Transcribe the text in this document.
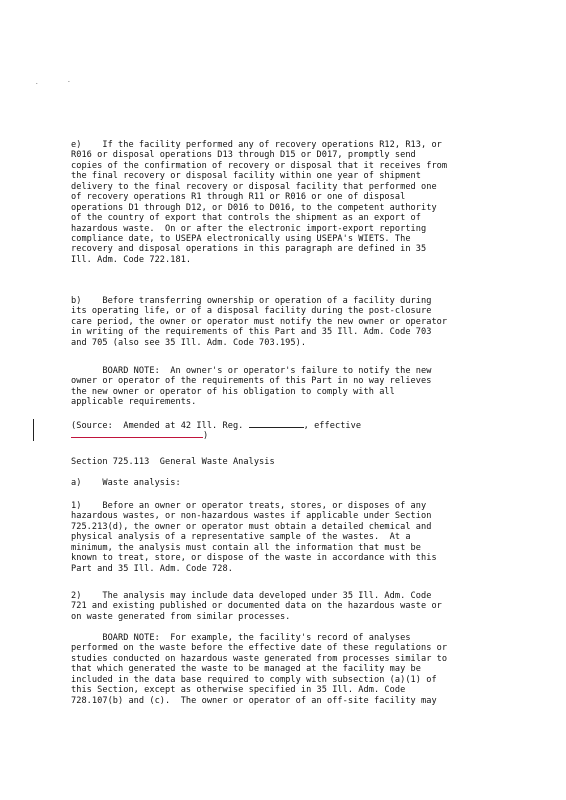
.	-
e)    If the facility performed any of recovery operations R12, R13, or
R016 or disposal operations D13 through D15 or D017, promptly send
copies of the confirmation of recovery or disposal that it receives from
the final recovery or disposal facility within one year of shipment
delivery to the final recovery or disposal facility that performed one
of recovery operations R1 through R11 or R016 or one of disposal
operations D1 through D12, or D016 to D016, to the competent authority
of the country of export that controls the shipment as an export of
hazardous waste.  On or after the electronic import-export reporting
compliance date, to USEPA electronically using USEPA's WIETS. The
recovery and disposal operations in this paragraph are defined in 35
Ill. Adm. Code 722.181.
b)    Before transferring ownership or operation of a facility during
its operating life, or of a disposal facility during the post-closure
care period, the owner or operator must notify the new owner or operator
in writing of the requirements of this Part and 35 Ill. Adm. Code 703
and 705 (also see 35 Ill. Adm. Code 703.195).
BOARD NOTE:  An owner's or operator's failure to notify the new
owner or operator of the requirements of this Part in no way relieves
the new owner or operator of his obligation to comply with all
applicable requirements.
(Source:  Amended at 42 Ill. Reg.	, effective
)
Section 725.113  General Waste Analysis
a)    Waste analysis:
1)    Before an owner or operator treats, stores, or disposes of any
hazardous wastes, or non-hazardous wastes if applicable under Section
725.213(d), the owner or operator must obtain a detailed chemical and
physical analysis of a representative sample of the wastes.  At a
minimum, the analysis must contain all the information that must be
known to treat, store, or dispose of the waste in accordance with this
Part and 35 Ill. Adm. Code 728.
2)    The analysis may include data developed under 35 Ill. Adm. Code
721 and existing published or documented data on the hazardous waste or
on waste generated from similar processes.
BOARD NOTE:  For example, the facility's record of analyses
performed on the waste before the effective date of these regulations or
studies conducted on hazardous waste generated from processes similar to
that which generated the waste to be managed at the facility may be
included in the data base required to comply with subsection (a)(1) of
this Section, except as otherwise specified in 35 Ill. Adm. Code
728.107(b) and (c).  The owner or operator of an off-site facility may
